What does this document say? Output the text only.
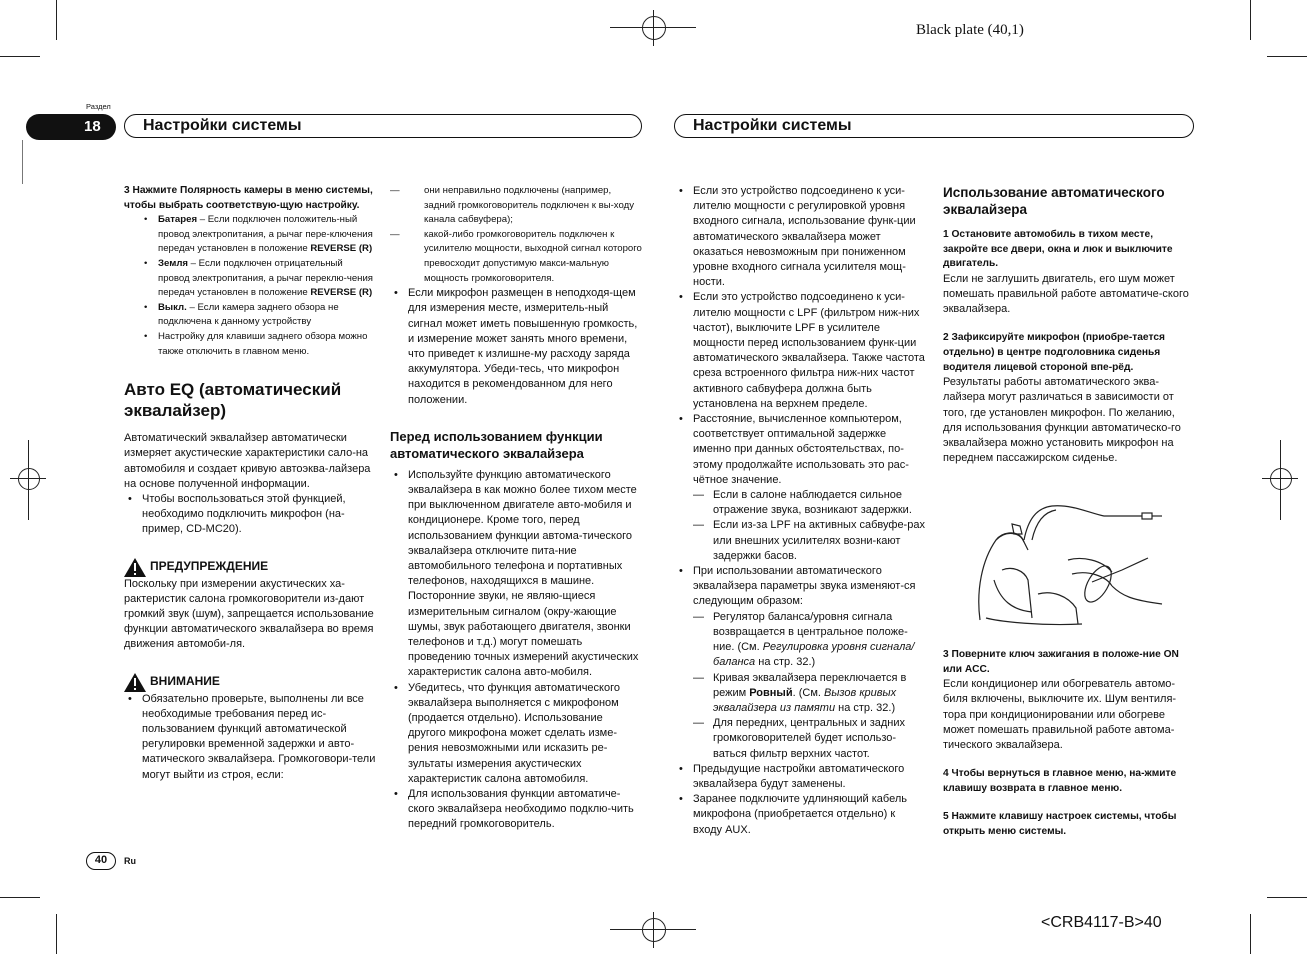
Black plate (40,1)
Раздел
18	Настройки системы	Настройки системы

3 Нажмите Полярность камеры в меню системы, чтобы выбрать соответствую-щую настройку.

• Батарея – Если подключен положитель-ный провод электропитания, а рычаг пере-ключения передач установлен в положение REVERSE (R)

• Земля – Если подключен отрицательный провод электропитания, а рычаг переклю-чения передач установлен в положение REVERSE (R)

• Выкл. – Если камера заднего обзора не подключена к данному устройству

• Настройку для клавиши заднего обзора можно также отключить в главном меню.

Авто EQ (автоматический эквалайзер)

Автоматический эквалайзер автоматически измеряет акустические характеристики сало-на автомобиля и создает кривую автоэква-лайзера на основе полученной информации.

• Чтобы воспользоваться этой функцией, необходимо подключить микрофон (на-пример, CD-MC20).

ПРЕДУПРЕЖДЕНИЕ

Поскольку при измерении акустических ха-рактеристик салона громкоговорители из-дают громкий звук (шум), запрещается использование функции автоматического эквалайзера во время движения автомоби-ля.

ВНИМАНИЕ

• Обязательно проверьте, выполнены ли все необходимые требования перед ис-пользованием функций автоматической регулировки временной задержки и авто-матического эквалайзера. Громкоговори-тели могут выйти из строя, если:

— они неправильно подключены (например, задний громкоговоритель подключен к вы-ходу канала сабвуфера);

— какой-либо громкоговоритель подключен к усилителю мощности, выходной сигнал которого превосходит допустимую макси-мальную мощность громкоговорителя.

• Если микрофон размещен в неподходя-щем для измерения месте, измеритель-ный сигнал может иметь повышенную громкость, и измерение может занять много времени, что приведет к излишне-му расходу заряда аккумулятора. Убеди-тесь, что микрофон находится в рекомендованном для него положении.

Перед использованием функции автоматического эквалайзера

• Используйте функцию автоматического эквалайзера в как можно более тихом месте при выключенном двигателе авто-мобиля и кондиционере. Кроме того, перед использованием функции автома-тического эквалайзера отключите пита-ние автомобильного телефона и портативных телефонов, находящихся в машине. Посторонние звуки, не являю-щиеся измерительным сигналом (окру-жающие шумы, звук работающего двигателя, звонки телефонов и т.д.) могут помешать проведению точных измерений акустических характеристик салона авто-мобиля.

• Убедитесь, что функция автоматического эквалайзера выполняется с микрофоном (продается отдельно). Использование другого микрофона может сделать изме-рения невозможными или исказить ре-зультаты измерения акустических характеристик салона автомобиля.

• Для использования функции автоматиче-ского эквалайзера необходимо подклю-чить передний громкоговоритель.

• Если это устройство подсоединено к уси-лителю мощности с регулировкой уровня входного сигнала, использование функ-ции автоматического эквалайзера может оказаться невозможным при пониженном уровне входного сигнала усилителя мощ-ности.

• Если это устройство подсоединено к уси-лителю мощности с LPF (фильтром ниж-них частот), выключите LPF в усилителе мощности перед использованием функ-ции автоматического эквалайзера. Также частота среза встроенного фильтра ниж-них частот активного сабвуфера должна быть установлена на верхнем пределе.

• Расстояние, вычисленное компьютером, соответствует оптимальной задержке именно при данных обстоятельствах, по-этому продолжайте использовать это рас-чётное значение.

— Если в салоне наблюдается сильное отражение звука, возникают задержки.

— Если из-за LPF на активных сабвуфе-рах или внешних усилителях возни-кают задержки басов.

• При использовании автоматического эквалайзера параметры звука изменяют-ся следующим образом:

— Регулятор баланса/уровня сигнала возвращается в центральное положе-ние. (См. Регулировка уровня сигнала/баланса на стр. 32.)

— Кривая эквалайзера переключается в режим Ровный. (См. Вызов кривых эквалайзера из памяти на стр. 32.)

— Для передних, центральных и задних громкоговорителей будет использо-ваться фильтр верхних частот.

• Предыдущие настройки автоматического эквалайзера будут заменены.

• Заранее подключите удлиняющий кабель микрофона (приобретается отдельно) к входу AUX.

Использование автоматического эквалайзера

1 Остановите автомобиль в тихом месте, закройте все двери, окна и люк и выключите двигатель.

Если не заглушить двигатель, его шум может помешать правильной работе автоматиче-ского эквалайзера.

2 Зафиксируйте микрофон (приобре-тается отдельно) в центре подголовника сиденья водителя лицевой стороной впе-рёд.

Результаты работы автоматического эква-лайзера могут различаться в зависимости от того, где установлен микрофон. По желанию, для использования функции автоматическо-го эквалайзера можно установить микрофон на переднем пассажирском сиденье.

3 Поверните ключ зажигания в положе-ние ON или ACC.

Если кондиционер или обогреватель автомо-биля включены, выключите их. Шум вентиля-тора при кондиционировании или обогреве может помешать правильной работе автома-тического эквалайзера.

4 Чтобы вернуться в главное меню, на-жмите клавишу возврата в главное меню.

5 Нажмите клавишу настроек системы, чтобы открыть меню системы.

40	Ru
<CRB4117-B>40
